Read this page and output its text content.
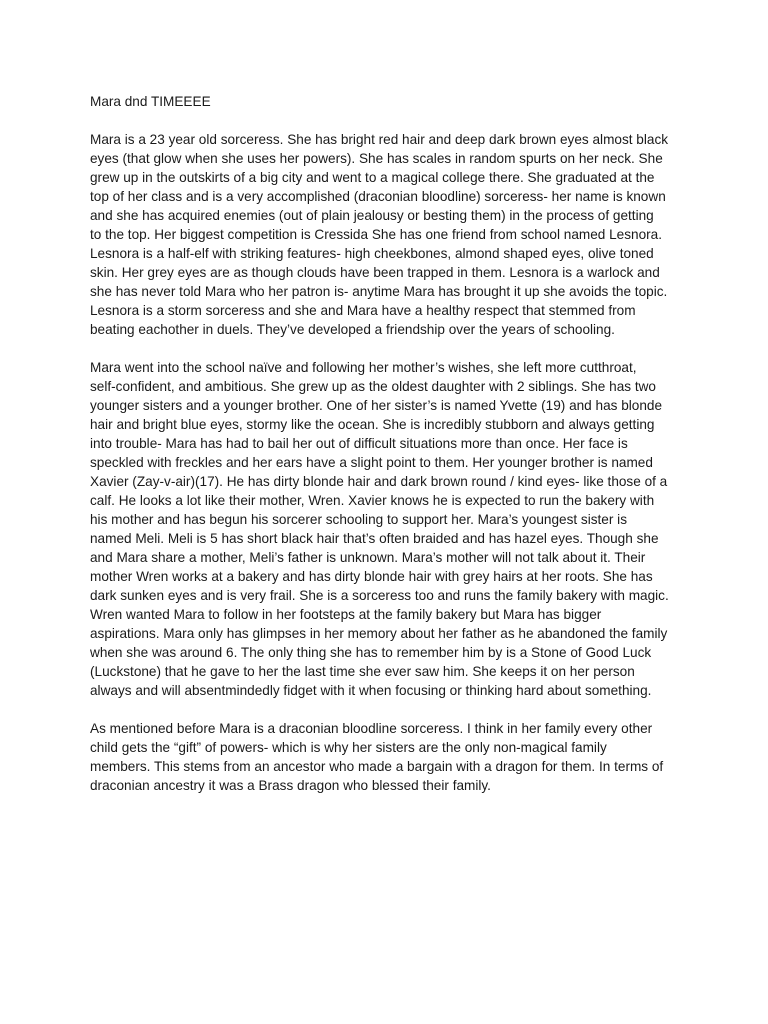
Mara dnd TIMEEEE

Mara is a 23 year old sorceress. She has bright red hair and deep dark brown eyes almost black
eyes (that glow when she uses her powers). She has scales in random spurts on her neck. She
grew up in the outskirts of a big city and went to a magical college there. She graduated at the
top of her class and is a very accomplished (draconian bloodline) sorceress- her name is known
and she has acquired enemies (out of plain jealousy or besting them) in the process of getting
to the top. Her biggest competition is Cressida She has one friend from school named Lesnora.
Lesnora is a half-elf with striking features- high cheekbones, almond shaped eyes, olive toned
skin. Her grey eyes are as though clouds have been trapped in them. Lesnora is a warlock and
she has never told Mara who her patron is- anytime Mara has brought it up she avoids the topic.
Lesnora is a storm sorceress and she and Mara have a healthy respect that stemmed from
beating eachother in duels. They’ve developed a friendship over the years of schooling.

Mara went into the school naïve and following her mother’s wishes, she left more cutthroat,
self-confident, and ambitious. She grew up as the oldest daughter with 2 siblings. She has two
younger sisters and a younger brother. One of her sister’s is named Yvette (19) and has blonde
hair and bright blue eyes, stormy like the ocean. She is incredibly stubborn and always getting
into trouble- Mara has had to bail her out of difficult situations more than once. Her face is
speckled with freckles and her ears have a slight point to them. Her younger brother is named
Xavier (Zay-v-air)(17). He has dirty blonde hair and dark brown round / kind eyes- like those of a
calf. He looks a lot like their mother, Wren. Xavier knows he is expected to run the bakery with
his mother and has begun his sorcerer schooling to support her. Mara’s youngest sister is
named Meli. Meli is 5 has short black hair that’s often braided and has hazel eyes. Though she
and Mara share a mother, Meli’s father is unknown. Mara’s mother will not talk about it. Their
mother Wren works at a bakery and has dirty blonde hair with grey hairs at her roots. She has
dark sunken eyes and is very frail. She is a sorceress too and runs the family bakery with magic.
Wren wanted Mara to follow in her footsteps at the family bakery but Mara has bigger
aspirations. Mara only has glimpses in her memory about her father as he abandoned the family
when she was around 6. The only thing she has to remember him by is a Stone of Good Luck
(Luckstone) that he gave to her the last time she ever saw him. She keeps it on her person
always and will absentmindedly fidget with it when focusing or thinking hard about something.

As mentioned before Mara is a draconian bloodline sorceress. I think in her family every other
child gets the “gift” of powers- which is why her sisters are the only non-magical family
members. This stems from an ancestor who made a bargain with a dragon for them. In terms of
draconian ancestry it was a Brass dragon who blessed their family.
